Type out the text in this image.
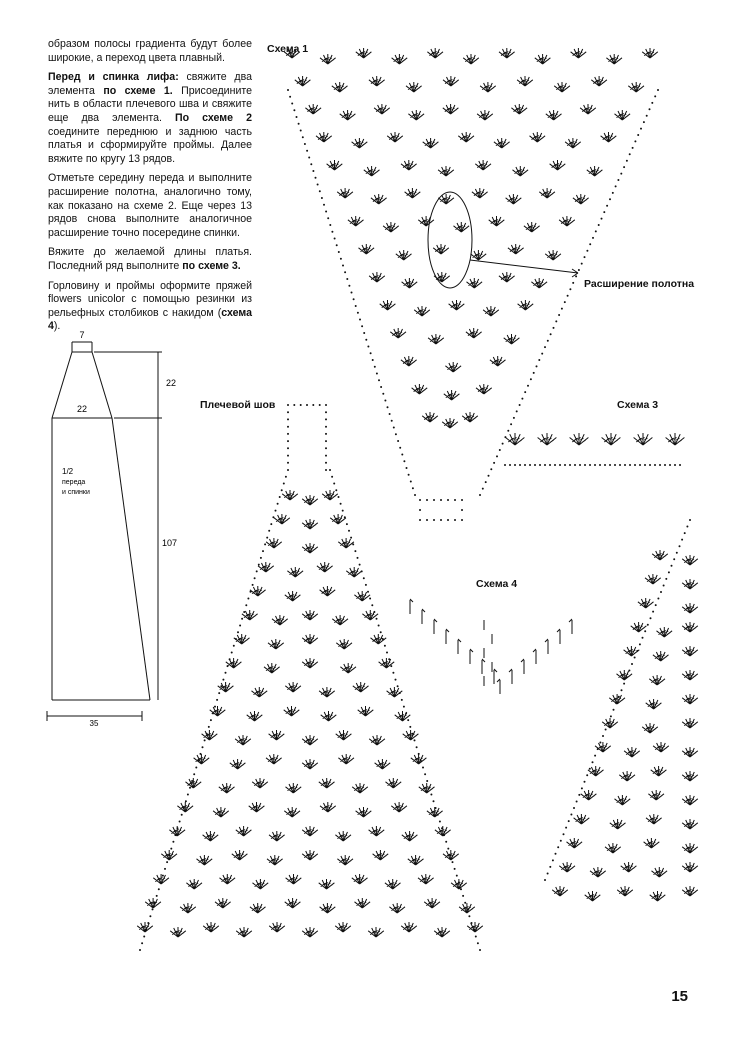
образом полосы градиента будут более широкие, а переход цвета плавный.

Перед и спинка лифа: свяжите два элемента по схеме 1. Присоедините нить в области плечевого шва и свяжите еще два элемента. По схеме 2 соедините переднюю и заднюю часть платья и сформируйте проймы. Далее вяжите по кругу 13 рядов.

Отметьте середину переда и выполните расширение полотна, аналогично тому, как показано на схеме 2. Еще через 13 рядов снова выполните аналогичное расширение точно посередине спинки.

Вяжите до желаемой длины платья. Последний ряд выполните по схеме 3.

Горловину и проймы оформите пряжей flowers unicolor с помощью резинки из рельефных столбиков с накидом (схема 4).

7
22
22
1/2
переда
и спинки
107
35
Схема 1
Схема 3
Схема 4
Плечевой шов
Расширение полотна
15
